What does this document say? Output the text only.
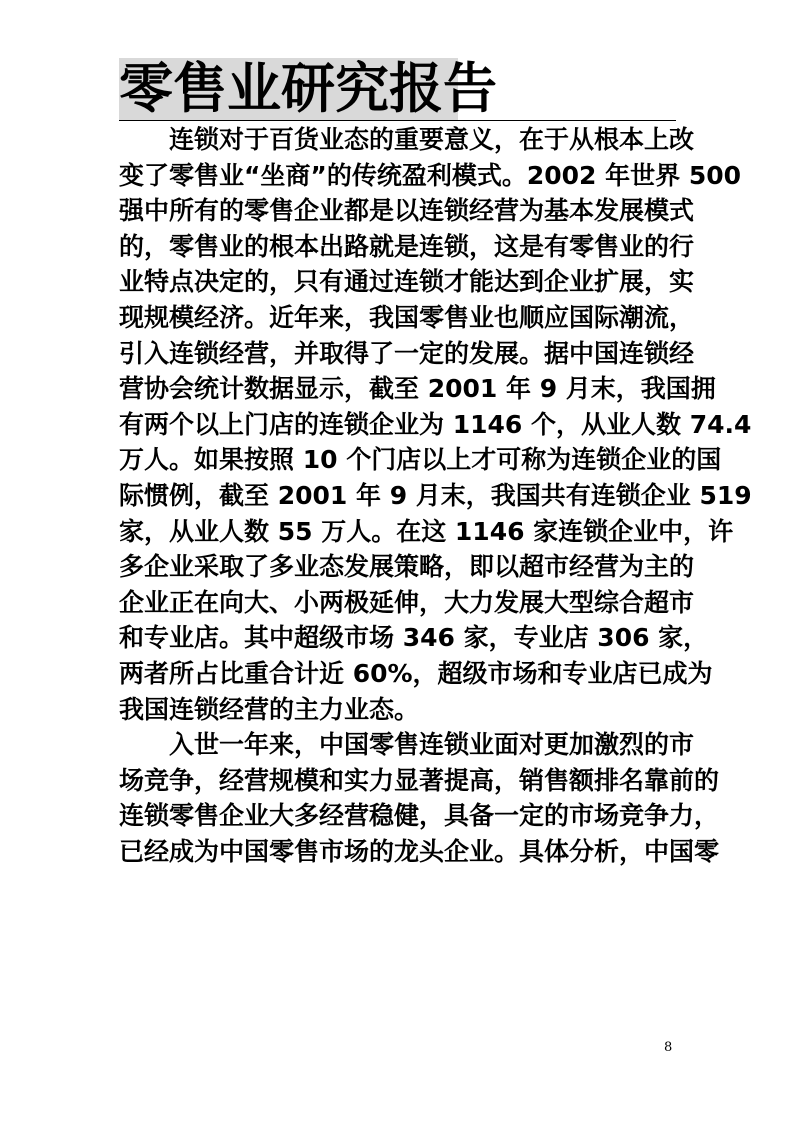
零售业研究报告
连锁对于百货业态的重要意义，在于从根本上改
变了零售业“坐商”的传统盈利模式。2002 年世界 500
强中所有的零售企业都是以连锁经营为基本发展模式
的，零售业的根本出路就是连锁，这是有零售业的行
业特点决定的，只有通过连锁才能达到企业扩展，实
现规模经济。近年来，我国零售业也顺应国际潮流，
引入连锁经营，并取得了一定的发展。据中国连锁经
营协会统计数据显示，截至 2001 年 9 月末，我国拥
有两个以上门店的连锁企业为 1146 个，从业人数 74.4
万人。如果按照 10 个门店以上才可称为连锁企业的国
际惯例，截至 2001 年 9 月末，我国共有连锁企业 519
家，从业人数 55 万人。在这 1146 家连锁企业中，许
多企业采取了多业态发展策略，即以超市经营为主的
企业正在向大、小两极延伸，大力发展大型综合超市
和专业店。其中超级市场 346 家，专业店 306 家，
两者所占比重合计近 60%，超级市场和专业店已成为
我国连锁经营的主力业态。
入世一年来，中国零售连锁业面对更加激烈的市
场竞争，经营规模和实力显著提高，销售额排名靠前的
连锁零售企业大多经营稳健，具备一定的市场竞争力，
已经成为中国零售市场的龙头企业。具体分析，中国零
8
